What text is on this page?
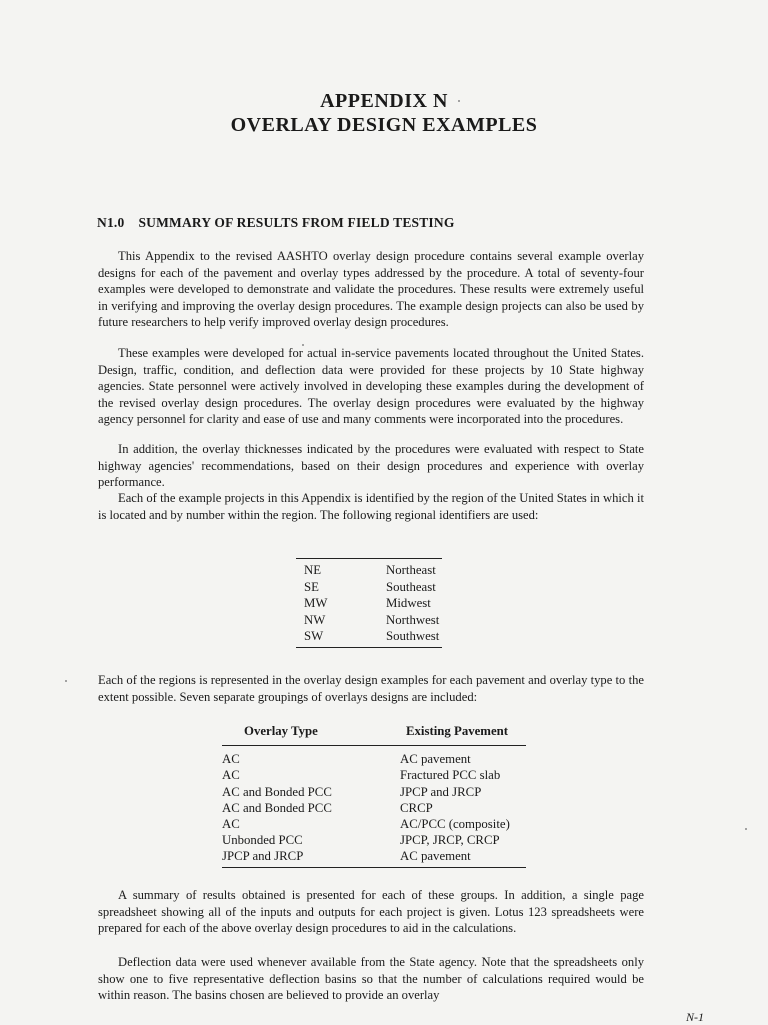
APPENDIX N
OVERLAY DESIGN EXAMPLES
N1.0 SUMMARY OF RESULTS FROM FIELD TESTING

This Appendix to the revised AASHTO overlay design procedure contains several example overlay designs for each of the pavement and overlay types addressed by the procedure. A total of seventy-four examples were developed to demonstrate and validate the procedures. These results were extremely useful in verifying and improving the overlay design procedures. The example design projects can also be used by future researchers to help verify improved overlay design procedures.

These examples were developed for actual in-service pavements located throughout the United States. Design, traffic, condition, and deflection data were provided for these projects by 10 State highway agencies. State personnel were actively involved in developing these examples during the development of the revised overlay design procedures. The overlay design procedures were evaluated by the highway agency personnel for clarity and ease of use and many comments were incorporated into the procedures.

In addition, the overlay thicknesses indicated by the procedures were evaluated with respect to State highway agencies' recommendations, based on their design procedures and experience with overlay performance.

Each of the example projects in this Appendix is identified by the region of the United States in which it is located and by number within the region. The following regional identifiers are used:

NE	Northeast
SE	Southeast
MW	Midwest
NW	Northwest
SW	Southwest

Each of the regions is represented in the overlay design examples for each pavement and overlay type to the extent possible. Seven separate groupings of overlays designs are included:

Overlay Type	Existing Pavement
AC	AC pavement
AC	Fractured PCC slab
AC and Bonded PCC	JPCP and JRCP
AC and Bonded PCC	CRCP
AC	AC/PCC (composite)
Unbonded PCC	JPCP, JRCP, CRCP
JPCP and JRCP	AC pavement

A summary of results obtained is presented for each of these groups. In addition, a single page spreadsheet showing all of the inputs and outputs for each project is given. Lotus 123 spreadsheets were prepared for each of the above overlay design procedures to aid in the calculations.

Deflection data were used whenever available from the State agency. Note that the spreadsheets only show one to five representative deflection basins so that the number of calculations required would be within reason. The basins chosen are believed to provide an overlay

N-1
